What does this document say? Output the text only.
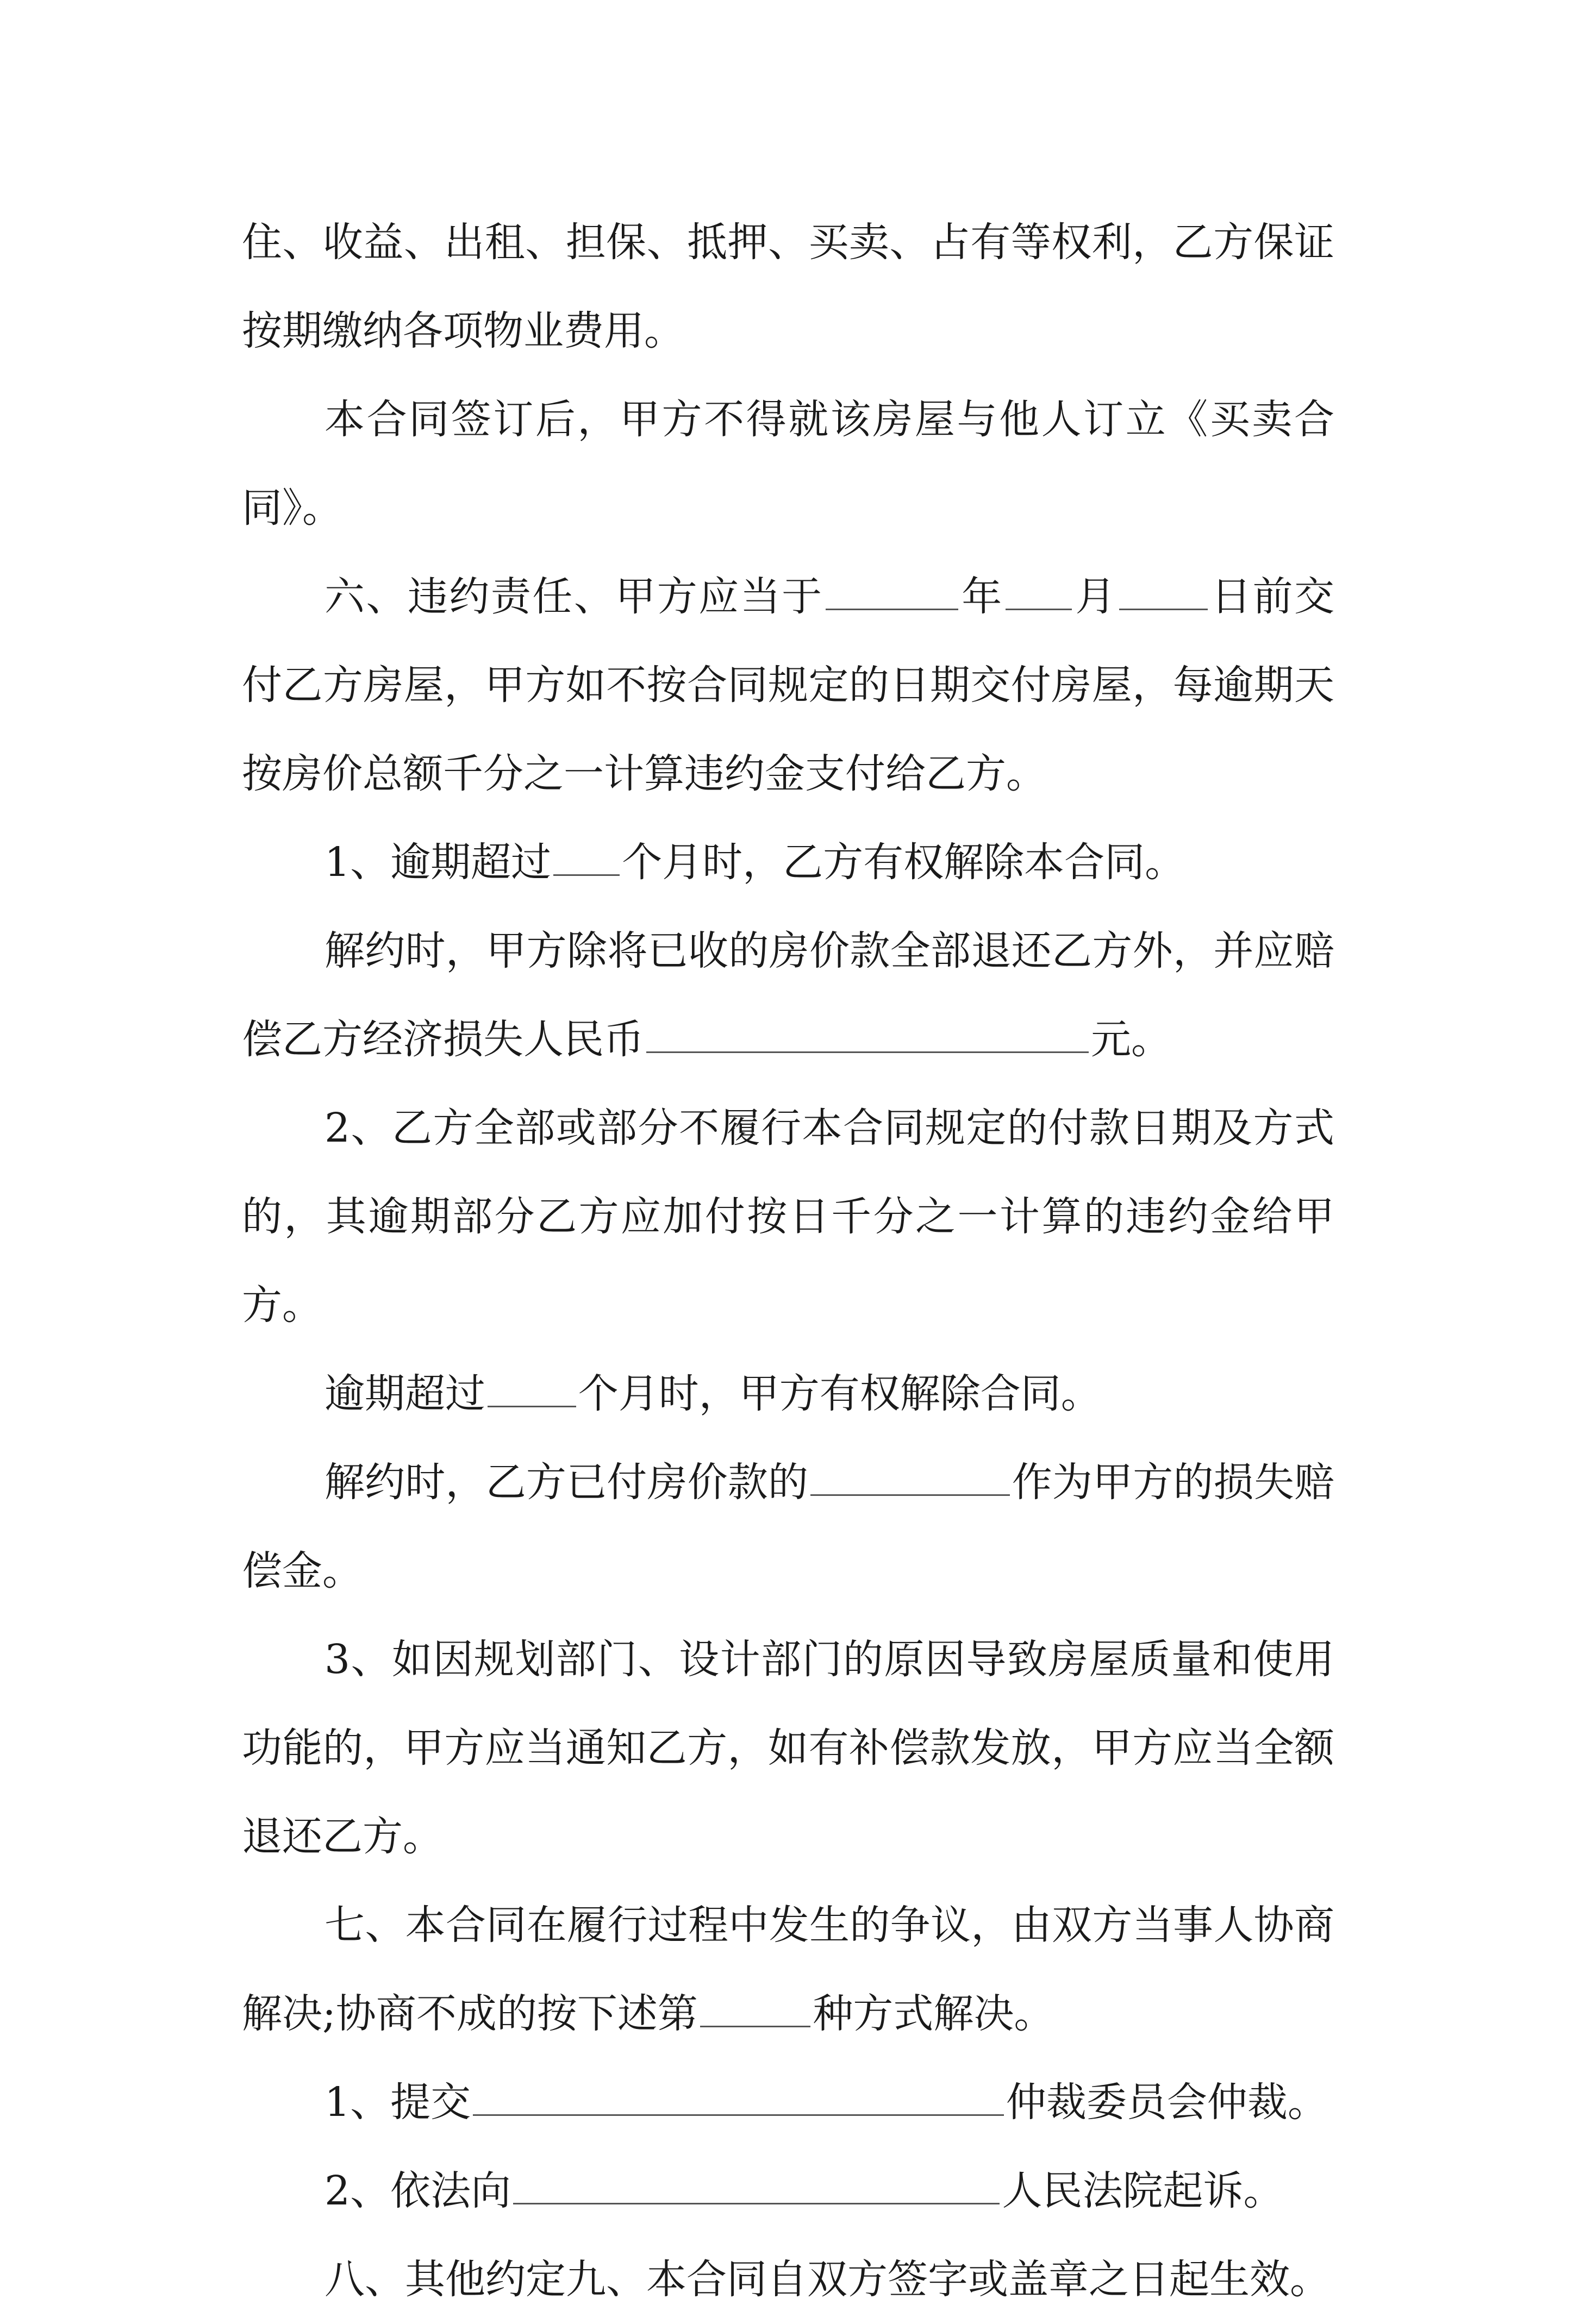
住、收益、出租、担保、抵押、买卖、占有等权利，乙方保证按期缴纳各项物业费用。

本合同签订后，甲方不得就该房屋与他人订立《买卖合同》。

六、违约责任、甲方应当于	年 月 日前交付乙方房屋，甲方如不按合同规定的日期交付房屋，每逾期天按房价总额千分之一计算违约金支付给乙方。

1、逾期超过 个月时，乙方有权解除本合同。

解约时，甲方除将已收的房价款全部退还乙方外，并应赔偿乙方经济损失人民币	元。

2、乙方全部或部分不履行本合同规定的付款日期及方式的，其逾期部分乙方应加付按日千分之一计算的违约金给甲方。

逾期超过 个月时，甲方有权解除合同。

解约时，乙方已付房价款的	作为甲方的损失赔偿金。

3、如因规划部门、设计部门的原因导致房屋质量和使用功能的，甲方应当通知乙方，如有补偿款发放，甲方应当全额退还乙方。

七、本合同在履行过程中发生的争议，由双方当事人协商解决;协商不成的按下述第	种方式解决。

1、提交	仲裁委员会仲裁。

2、依法向	人民法院起诉。

八、其他约定九、本合同自双方签字或盖章之日起生效。
